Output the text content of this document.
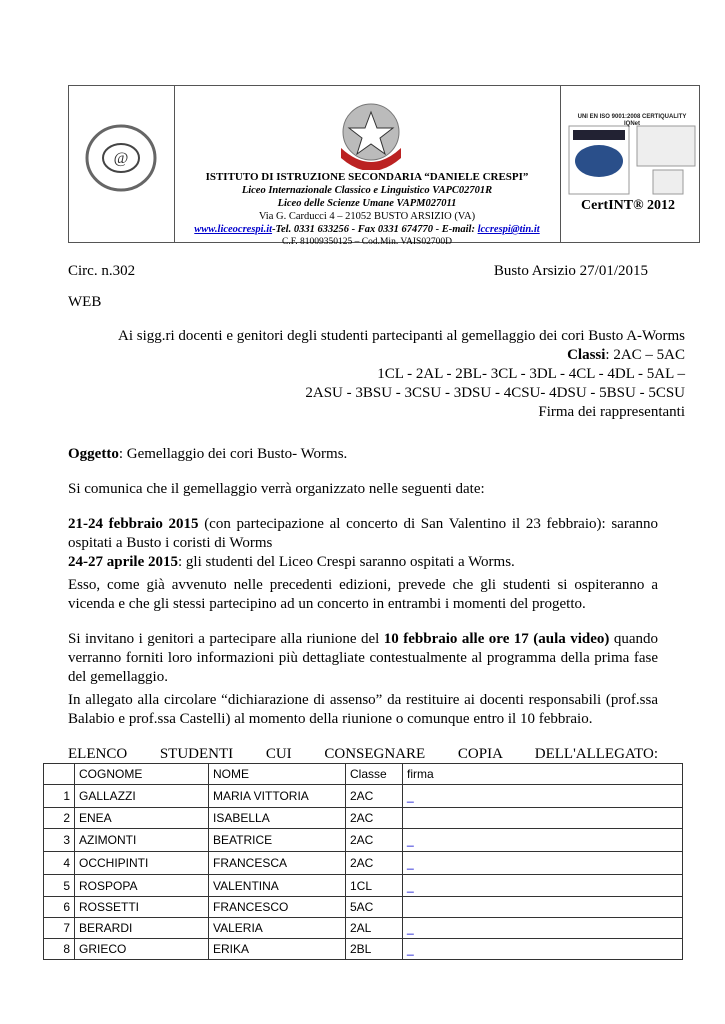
@
ISTITUTO DI ISTRUZIONE SECONDARIA “DANIELE CRESPI”
Liceo Internazionale Classico e Linguistico VAPC02701R
Liceo delle Scienze Umane VAPM027011
Via G. Carducci 4 – 21052 BUSTO ARSIZIO (VA)
www.liceocrespi.it-Tel. 0331 633256 - Fax 0331 674770 - E-mail: lccrespi@tin.it
C.F. 81009350125 – Cod.Min. VAIS02700D
UNI EN ISO 9001:2008 CERTIQUALITY IQNet
CertINT® 2012
Circ. n.302	Busto Arsizio 27/01/2015
WEB
Ai sigg.ri docenti e genitori degli studenti partecipanti al gemellaggio dei cori Busto A-Worms
Classi: 2AC – 5AC
1CL - 2AL - 2BL- 3CL - 3DL - 4CL - 4DL - 5AL –
2ASU - 3BSU - 3CSU - 3DSU - 4CSU- 4DSU - 5BSU - 5CSU
Firma dei rappresentanti
Oggetto: Gemellaggio dei cori Busto- Worms.
Si comunica che il gemellaggio verrà organizzato nelle seguenti date:
21-24 febbraio 2015 (con partecipazione al concerto di San Valentino il 23 febbraio): saranno ospitati a Busto i coristi di Worms
24-27 aprile 2015: gli studenti del Liceo Crespi saranno ospitati a Worms.
Esso, come già avvenuto nelle precedenti edizioni, prevede che gli studenti si ospiteranno a vicenda e che gli stessi partecipino ad un concerto in entrambi i momenti del progetto.
Si invitano i genitori a partecipare alla riunione del 10 febbraio alle ore 17 (aula video) quando verranno forniti loro informazioni più dettagliate contestualmente al programma della prima fase del gemellaggio.
In allegato alla circolare “dichiarazione di assenso” da restituire ai docenti responsabili (prof.ssa Balabio e prof.ssa Castelli) al momento della riunione o comunque entro il 10 febbraio.
ELENCO STUDENTI CUI CONSEGNARE COPIA DELL'ALLEGATO:
	COGNOME	NOME	Classe	firma
1	GALLAZZI	MARIA VITTORIA	2AC	_
2	ENEA	ISABELLA	2AC	
3	AZIMONTI	BEATRICE	2AC	_
4	OCCHIPINTI	FRANCESCA	2AC	_
5	ROSPOPA	VALENTINA	1CL	_
6	ROSSETTI	FRANCESCO	5AC	
7	BERARDI	VALERIA	2AL	_
8	GRIECO	ERIKA	2BL	_
